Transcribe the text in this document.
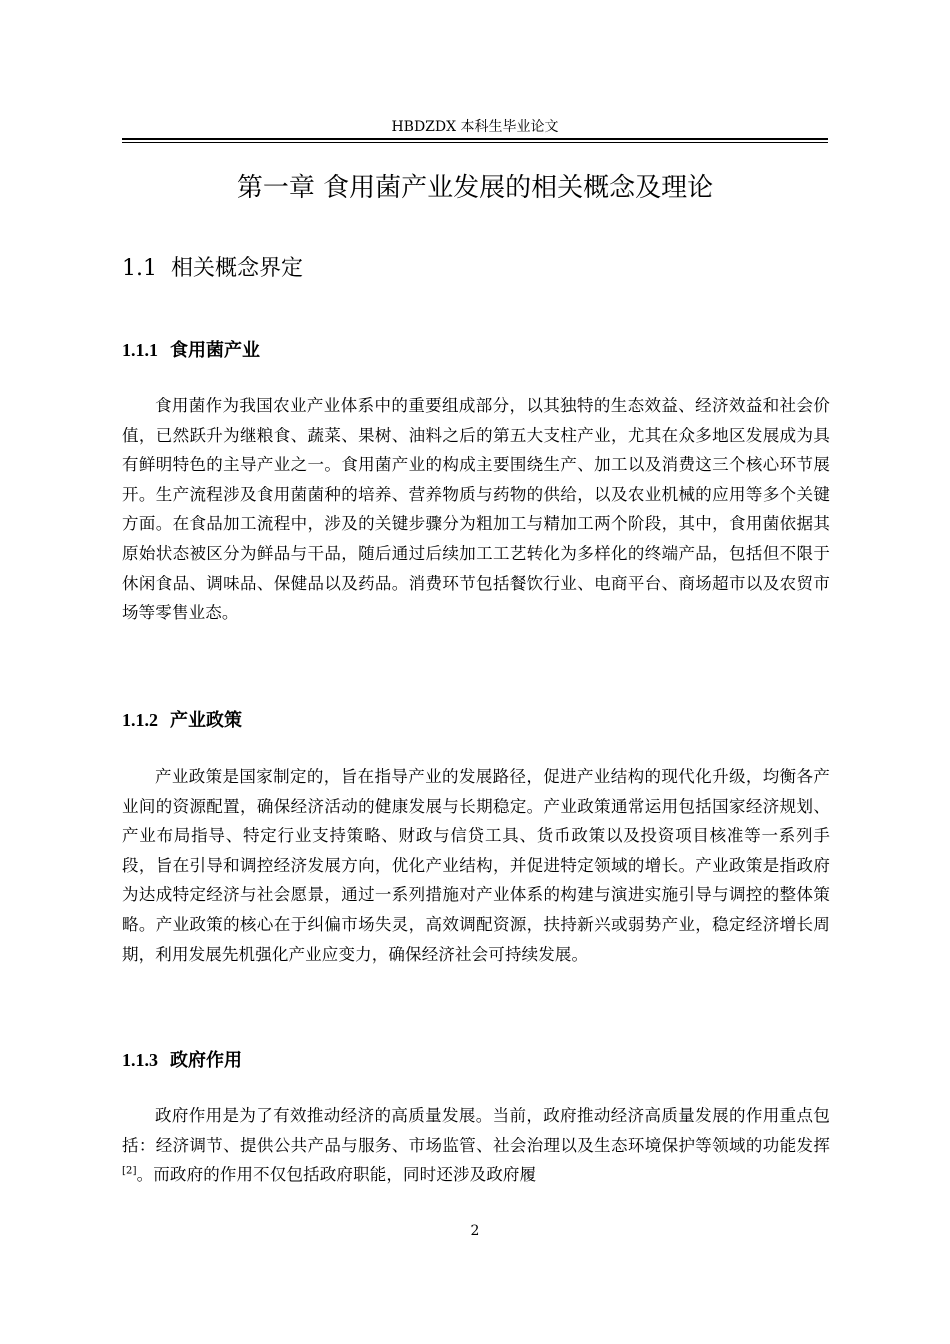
HBDZDX 本科生毕业论文
第一章 食用菌产业发展的相关概念及理论
1.1 相关概念界定
1.1.1 食用菌产业

食用菌作为我国农业产业体系中的重要组成部分，以其独特的生态效益、经济效益和社会价值，已然跃升为继粮食、蔬菜、果树、油料之后的第五大支柱产业，尤其在众多地区发展成为具有鲜明特色的主导产业之一。食用菌产业的构成主要围绕生产、加工以及消费这三个核心环节展开。生产流程涉及食用菌菌种的培养、营养物质与药物的供给，以及农业机械的应用等多个关键方面。在食品加工流程中，涉及的关键步骤分为粗加工与精加工两个阶段，其中，食用菌依据其原始状态被区分为鲜品与干品，随后通过后续加工工艺转化为多样化的终端产品，包括但不限于休闲食品、调味品、保健品以及药品。消费环节包括餐饮行业、电商平台、商场超市以及农贸市场等零售业态。

1.1.2 产业政策

产业政策是国家制定的，旨在指导产业的发展路径，促进产业结构的现代化升级，均衡各产业间的资源配置，确保经济活动的健康发展与长期稳定。产业政策通常运用包括国家经济规划、产业布局指导、特定行业支持策略、财政与信贷工具、货币政策以及投资项目核准等一系列手段，旨在引导和调控经济发展方向，优化产业结构，并促进特定领域的增长。产业政策是指政府为达成特定经济与社会愿景，通过一系列措施对产业体系的构建与演进实施引导与调控的整体策略。产业政策的核心在于纠偏市场失灵，高效调配资源，扶持新兴或弱势产业，稳定经济增长周期，利用发展先机强化产业应变力，确保经济社会可持续发展。

1.1.3 政府作用

政府作用是为了有效推动经济的高质量发展。当前，政府推动经济高质量发展的作用重点包括：经济调节、提供公共产品与服务、市场监管、社会治理以及生态环境保护等领域的功能发挥[2]。而政府的作用不仅包括政府职能，同时还涉及政府履

2
